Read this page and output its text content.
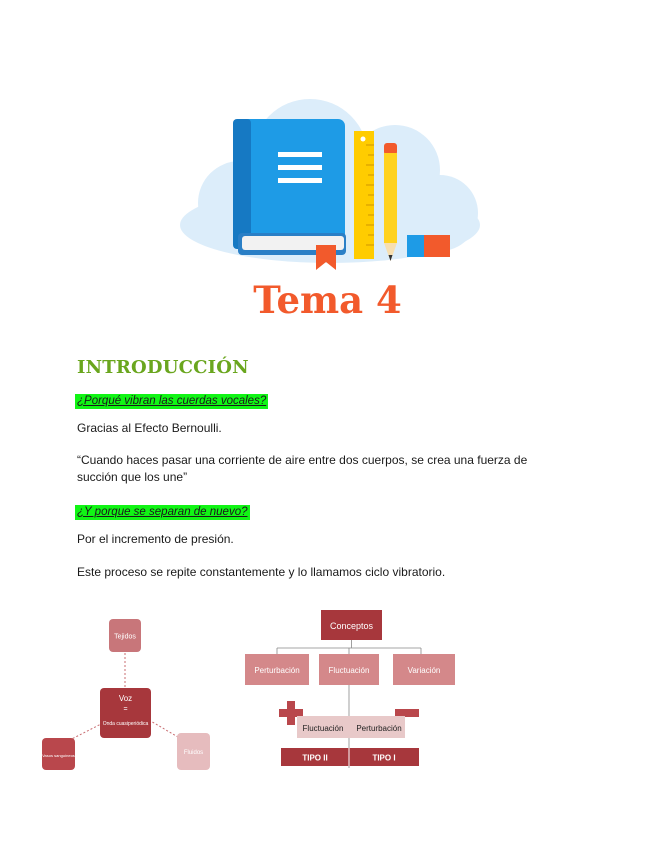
Tema 4
INTRODUCCIÓN
¿Porqué vibran las cuerdas vocales?
Gracias al Efecto Bernoulli.
“Cuando haces pasar una corriente de aire entre dos cuerpos, se crea una fuerza de succión que los une”
¿Y porque se separan de nuevo?
Por el incremento de presión.
Este proceso se repite constantemente y lo llamamos ciclo vibratorio.
Tejidos
Voz
=
Onda cuasiperiódica
Vasos sanguíneos	Fluidos
Conceptos
Perturbación	Fluctuación	Variación
Fluctuación Perturbación
TIPO II	TIPO I
